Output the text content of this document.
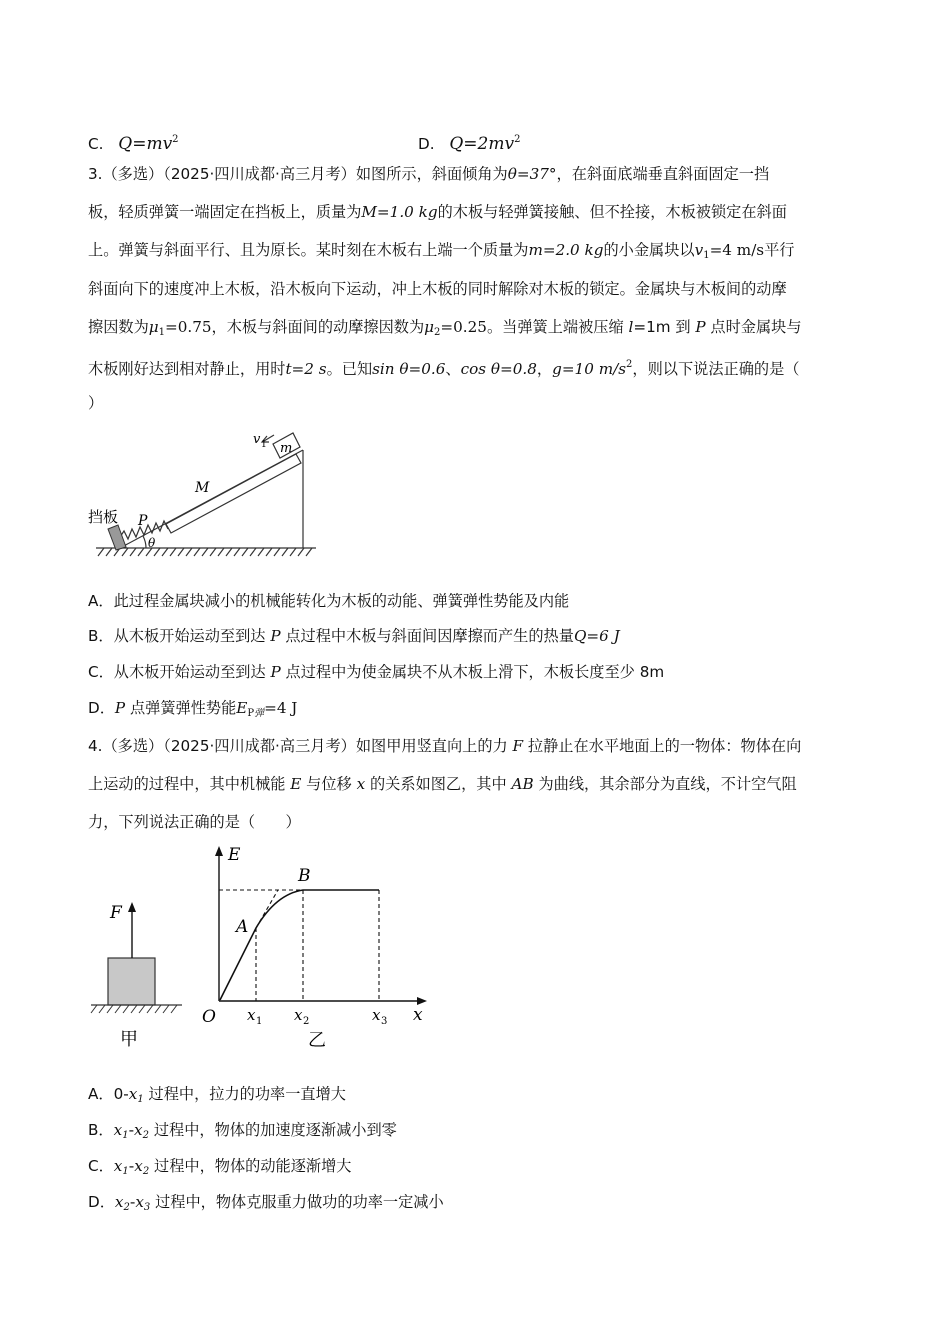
C. $Q=mv^2$	D. $Q=2mv^2$
3.（多选）（2025·四川成都·高三月考）如图所示，斜面倾角为θ=37°，在斜面底端垂直斜面固定一挡
板，轻质弹簧一端固定在挡板上，质量为M=1.0 kg的木板与轻弹簧接触、但不拴接，木板被锁定在斜面
上。弹簧与斜面平行、且为原长。某时刻在木板右上端一个质量为m=2.0 kg的小金属块以$v_1=4$ m/s平行
斜面向下的速度冲上木板，沿木板向下运动，冲上木板的同时解除对木板的锁定。金属块与木板间的动摩
擦因数为$\mu_1=0.75$，木板与斜面间的动摩擦因数为$\mu_2=0.25$。当弹簧上端被压缩 l=1m 到 P 点时金属块与
木板刚好达到相对静止，用时t=2 s。已知sin θ=0.6、cos θ=0.8，g=10 $m/s^2$，则以下说法正确的是（
）
v 1 m
M
P
θ
挡板
A．此过程金属块减小的机械能转化为木板的动能、弹簧弹性势能及内能
B．从木板开始运动至到达 P 点过程中木板与斜面间因摩擦而产生的热量Q=6 J
C．从木板开始运动至到达 P 点过程中为使金属块不从木板上滑下，木板长度至少 8m
D．P 点弹簧弹性势能$E_{P弹}=4$ J
4.（多选）（2025·四川成都·高三月考）如图甲用竖直向上的力 F 拉静止在水平地面上的一物体：物体在向
上运动的过程中，其中机械能 E 与位移 x 的关系如图乙，其中 AB 为曲线，其余部分为直线，不计空气阻
力，下列说法正确的是（　　）
F
甲
E
B
A
O	x
x 1 x 2	x 3
乙
A．$0-x_1$ 过程中，拉力的功率一直增大
B．$x_1-x_2$ 过程中，物体的加速度逐渐减小到零
C．$x_1-x_2$ 过程中，物体的动能逐渐增大
D．$x_2-x_3$ 过程中，物体克服重力做功的功率一定减小
